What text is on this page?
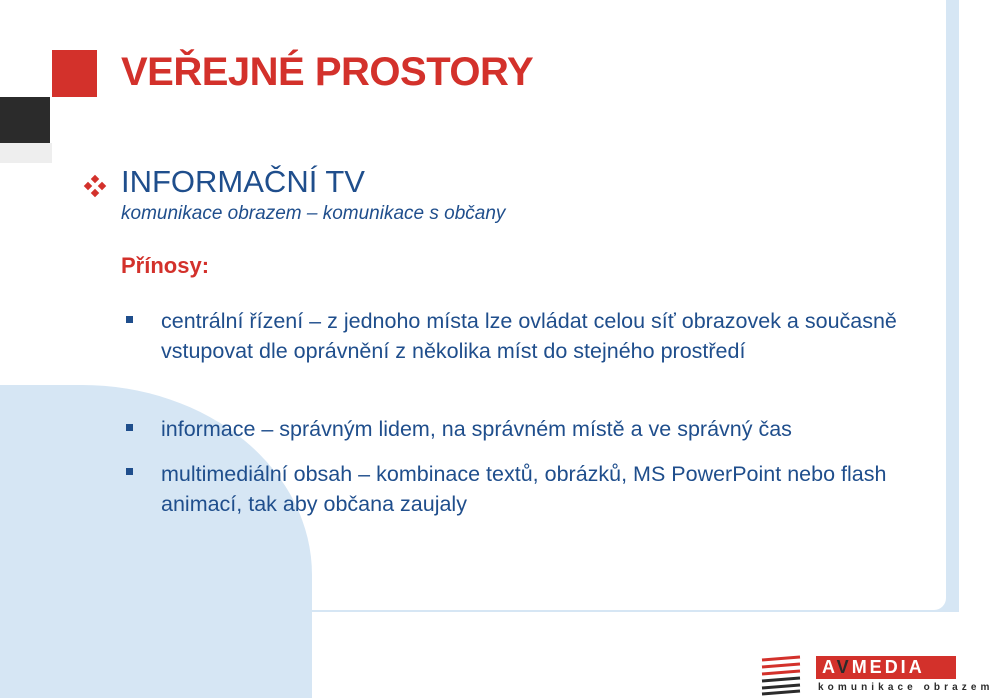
VEŘEJNÉ PROSTORY
INFORMAČNÍ TV

komunikace obrazem – komunikace s občany

Přínosy:

centrální řízení – z jednoho místa lze ovládat celou síť obrazovek a současně vstupovat dle oprávnění z několika míst do stejného prostředí

informace – správným lidem, na správném místě a ve správný čas

multimediální obsah – kombinace textů, obrázků, MS PowerPoint nebo flash animací, tak aby občana zaujaly

AVMEDIA
komunikace obrazem
